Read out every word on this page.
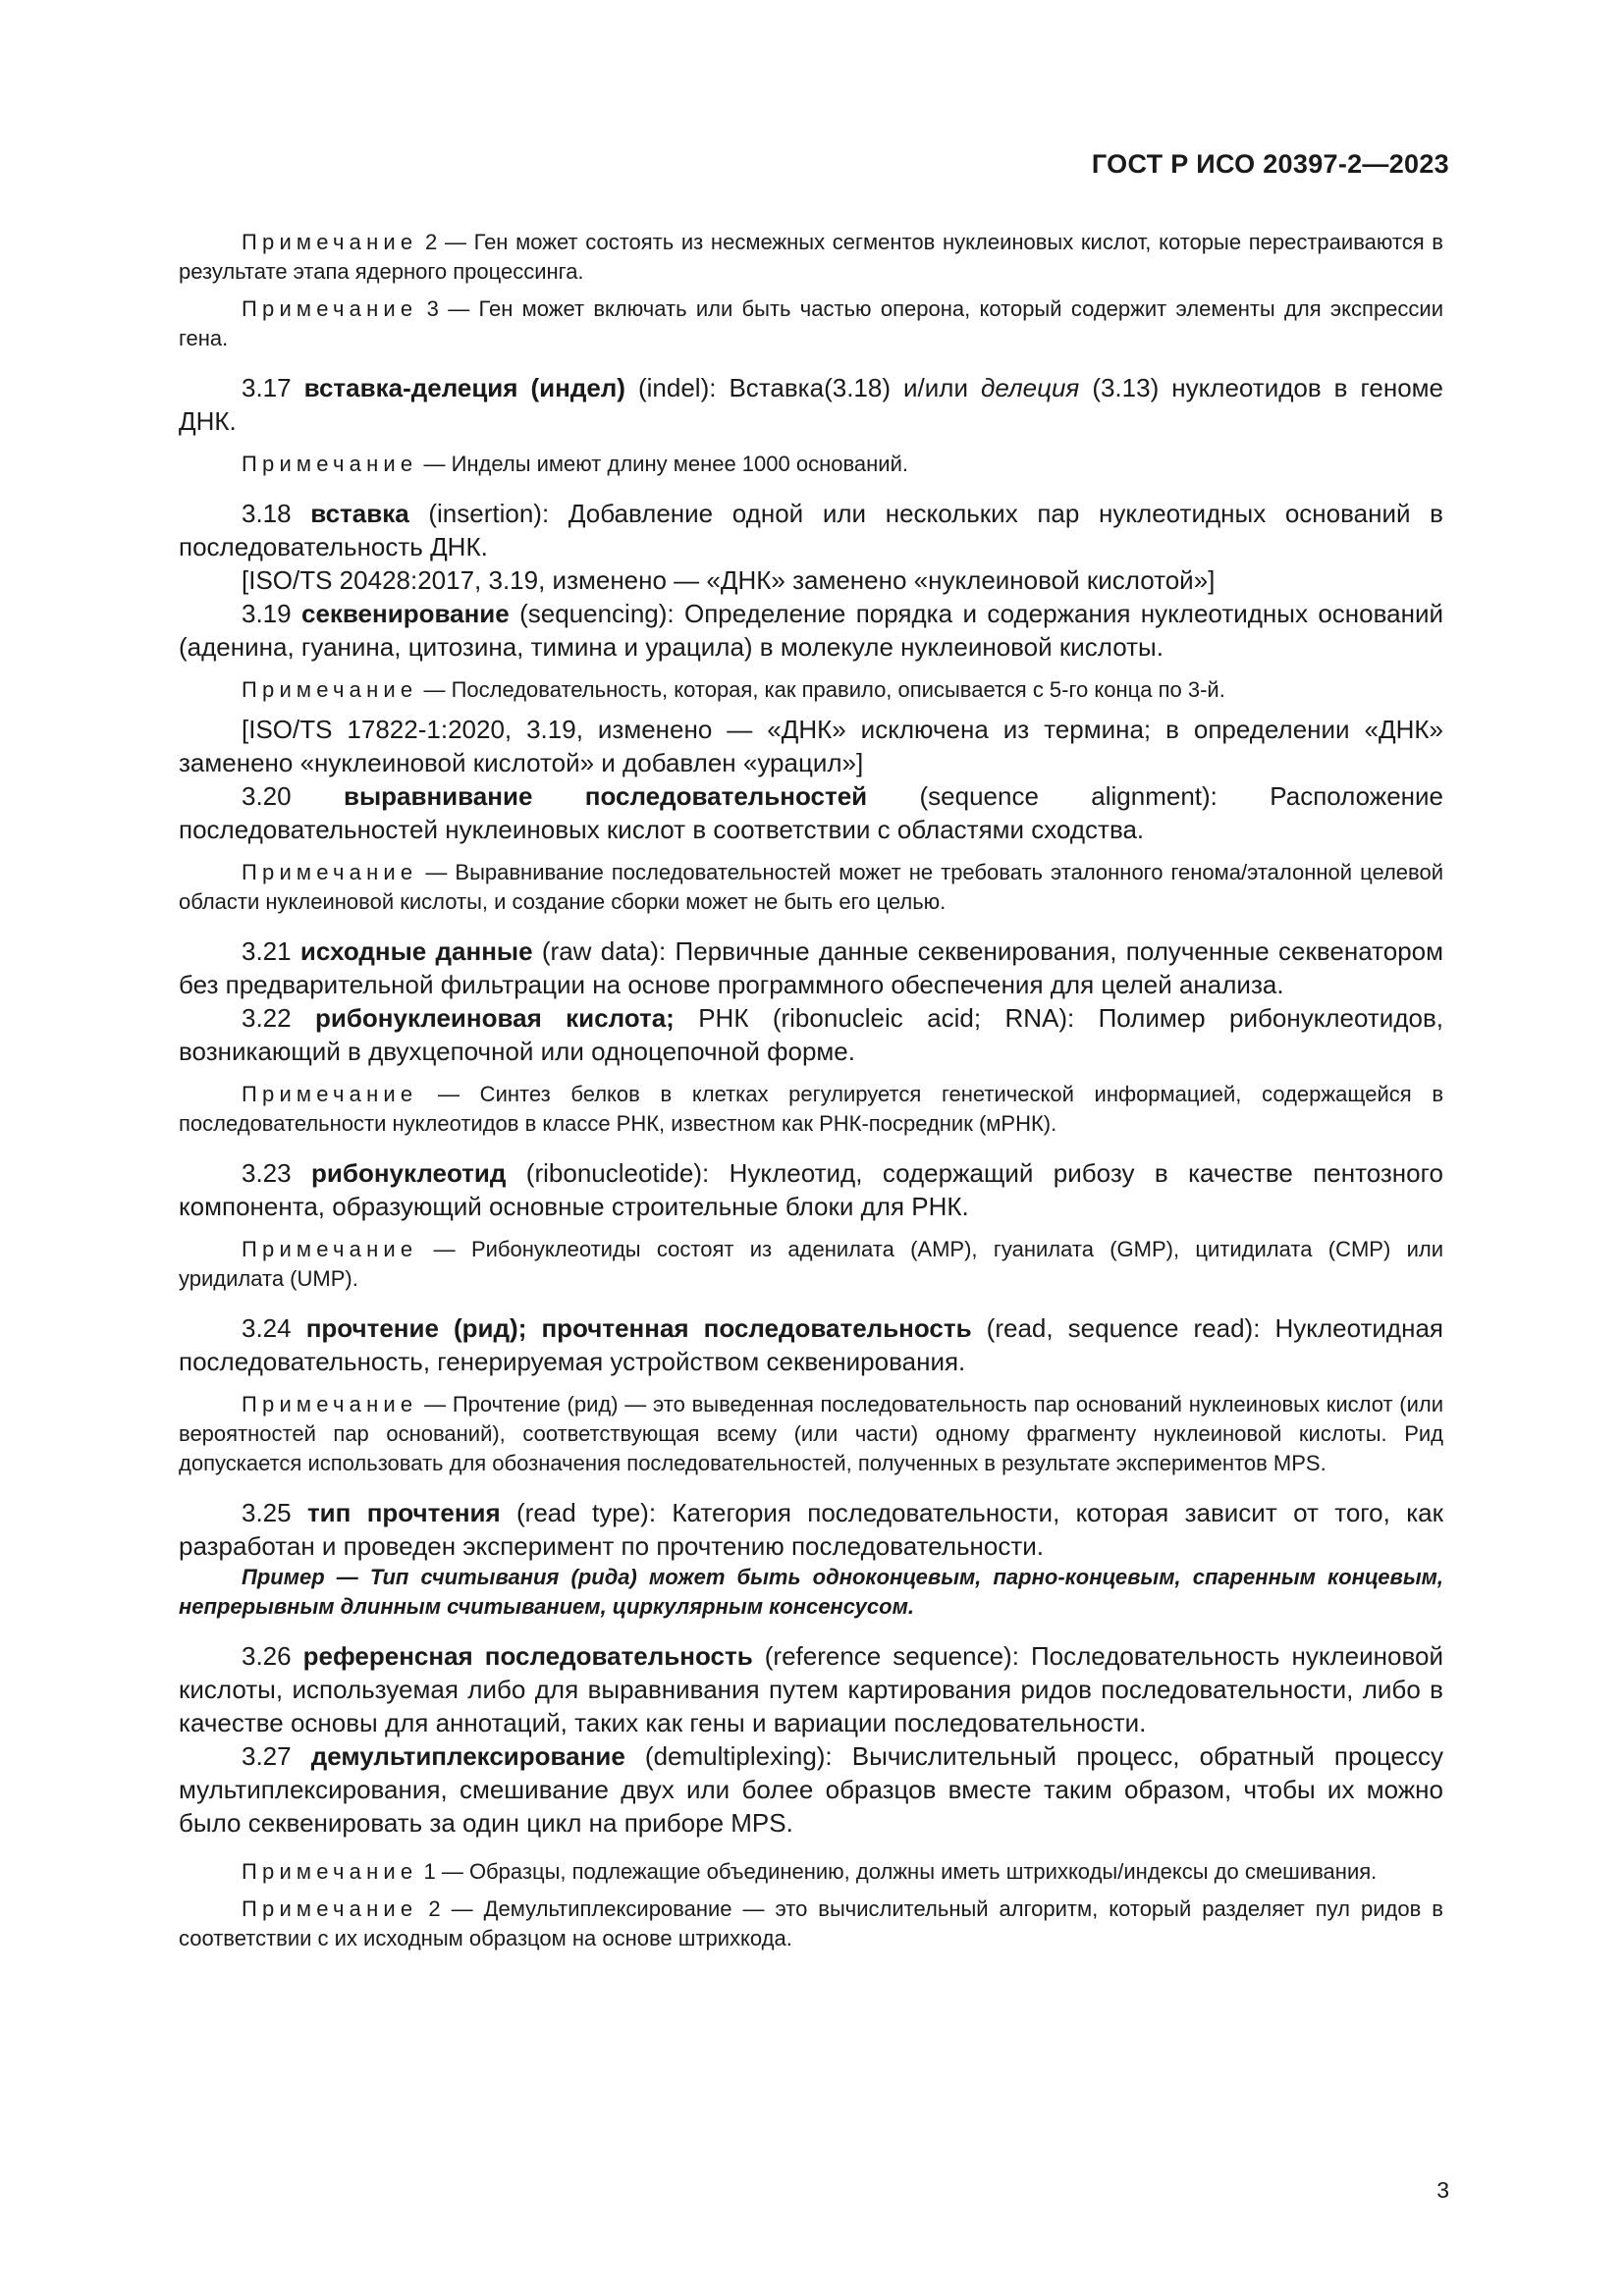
ГОСТ Р ИСО 20397-2—2023

Примечание 2 — Ген может состоять из несмежных сегментов нуклеиновых кислот, которые перестраиваются в результате этапа ядерного процессинга.

Примечание 3 — Ген может включать или быть частью оперона, который содержит элементы для экспрессии гена.

3.17 вставка-делеция (индел) (indel): Вставка(3.18) и/или делеция (3.13) нуклеотидов в геноме ДНК.

Примечание — Инделы имеют длину менее 1000 оснований.

3.18 вставка (insertion): Добавление одной или нескольких пар нуклеотидных оснований в последовательность ДНК.

[ISO/TS 20428:2017, 3.19, изменено — «ДНК» заменено «нуклеиновой кислотой»]

3.19 секвенирование (sequencing): Определение порядка и содержания нуклеотидных оснований (аденина, гуанина, цитозина, тимина и урацила) в молекуле нуклеиновой кислоты.

Примечание — Последовательность, которая, как правило, описывается с 5-го конца по 3-й.

[ISO/TS 17822-1:2020, 3.19, изменено — «ДНК» исключена из термина; в определении «ДНК» заменено «нуклеиновой кислотой» и добавлен «урацил»]

3.20 выравнивание последовательностей (sequence alignment): Расположение последовательностей нуклеиновых кислот в соответствии с областями сходства.

Примечание — Выравнивание последовательностей может не требовать эталонного генома/эталонной целевой области нуклеиновой кислоты, и создание сборки может не быть его целью.

3.21 исходные данные (raw data): Первичные данные секвенирования, полученные секвенатором без предварительной фильтрации на основе программного обеспечения для целей анализа.

3.22 рибонуклеиновая кислота; РНК (ribonucleic acid; RNA): Полимер рибонуклеотидов, возникающий в двухцепочной или одноцепочной форме.

Примечание — Синтез белков в клетках регулируется генетической информацией, содержащейся в последовательности нуклеотидов в классе РНК, известном как РНК-посредник (мРНК).

3.23 рибонуклеотид (ribonucleotide): Нуклеотид, содержащий рибозу в качестве пентозного компонента, образующий основные строительные блоки для РНК.

Примечание — Рибонуклеотиды состоят из аденилата (AMP), гуанилата (GMP), цитидилата (CMP) или уридилата (UMP).

3.24 прочтение (рид); прочтенная последовательность (read, sequence read): Нуклеотидная последовательность, генерируемая устройством секвенирования.

Примечание — Прочтение (рид) — это выведенная последовательность пар оснований нуклеиновых кислот (или вероятностей пар оснований), соответствующая всему (или части) одному фрагменту нуклеиновой кислоты. Рид допускается использовать для обозначения последовательностей, полученных в результате экспериментов MPS.

3.25 тип прочтения (read type): Категория последовательности, которая зависит от того, как разработан и проведен эксперимент по прочтению последовательности.

Пример — Тип считывания (рида) может быть одноконцевым, парно-концевым, спаренным концевым, непрерывным длинным считыванием, циркулярным консенсусом.

3.26 референсная последовательность (reference sequence): Последовательность нуклеиновой кислоты, используемая либо для выравнивания путем картирования ридов последовательности, либо в качестве основы для аннотаций, таких как гены и вариации последовательности.

3.27 демультиплексирование (demultiplexing): Вычислительный процесс, обратный процессу мультиплексирования, смешивание двух или более образцов вместе таким образом, чтобы их можно было секвенировать за один цикл на приборе MPS.

Примечание 1 — Образцы, подлежащие объединению, должны иметь штрихкоды/индексы до смешивания.

Примечание 2 — Демультиплексирование — это вычислительный алгоритм, который разделяет пул ридов в соответствии с их исходным образцом на основе штрихкода.

3
